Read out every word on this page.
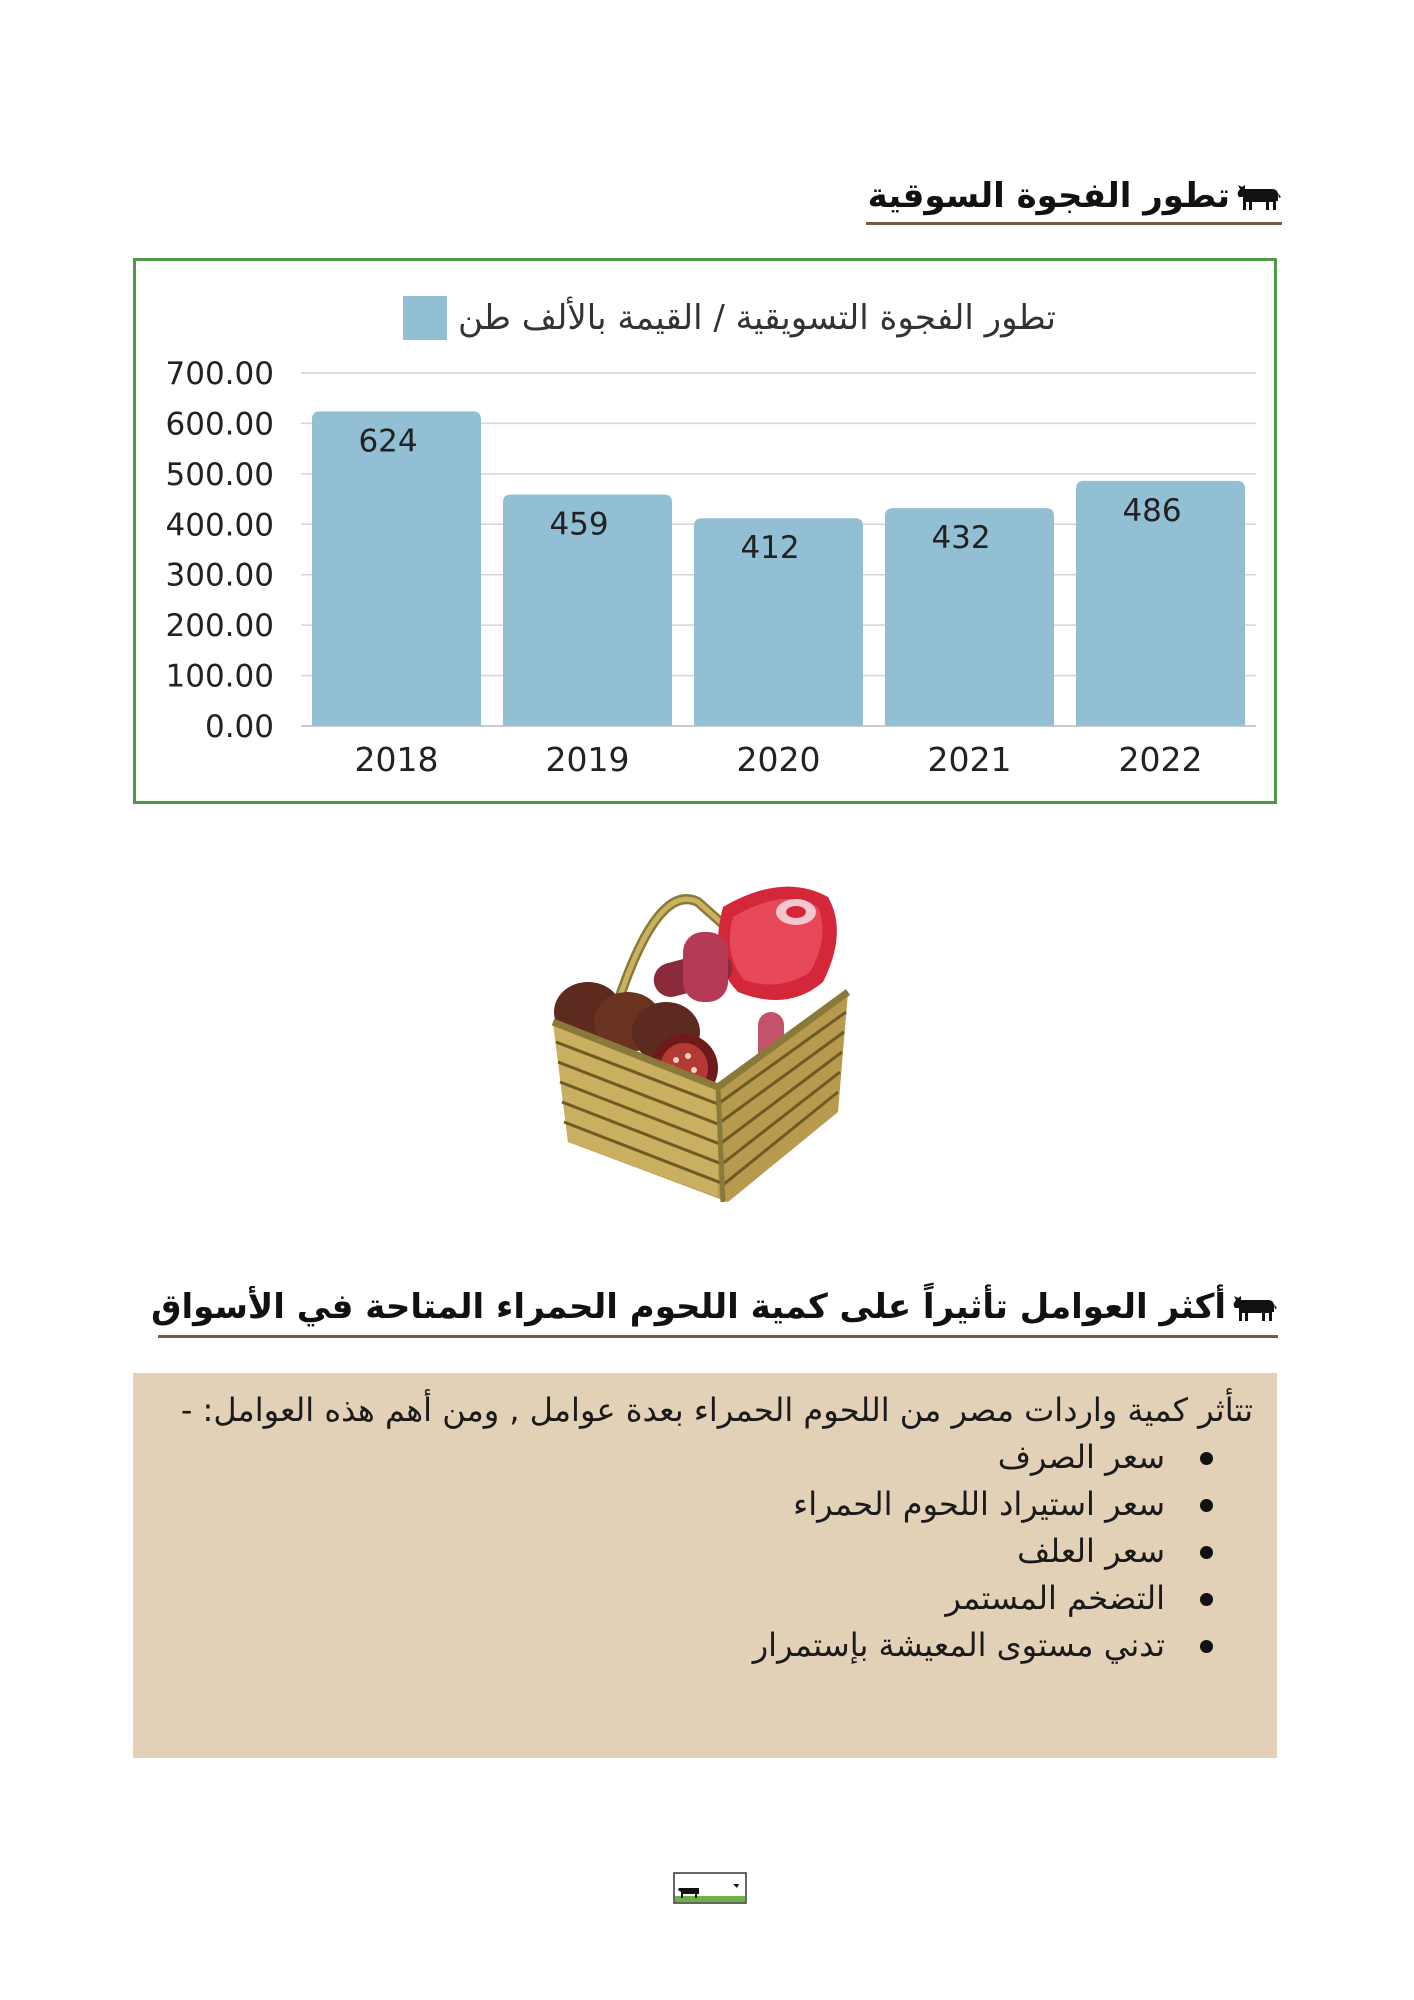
تطور الفجوة السوقية
تطور الفجوة التسويقية / القيمة بالألف طن
0.00
100.00
200.00
300.00
400.00
500.00
600.00
700.00
624
2018
459
2019
412
2020
432
2021
486
2022
أكثر العوامل تأثيراً على كمية اللحوم الحمراء المتاحة في الأسواق
تتأثر كمية واردات مصر من اللحوم الحمراء بعدة عوامل , ومن أهم هذه العوامل: -
سعر الصرف
سعر استيراد اللحوم الحمراء
سعر العلف
التضخم المستمر
تدني مستوى المعيشة بإستمرار
